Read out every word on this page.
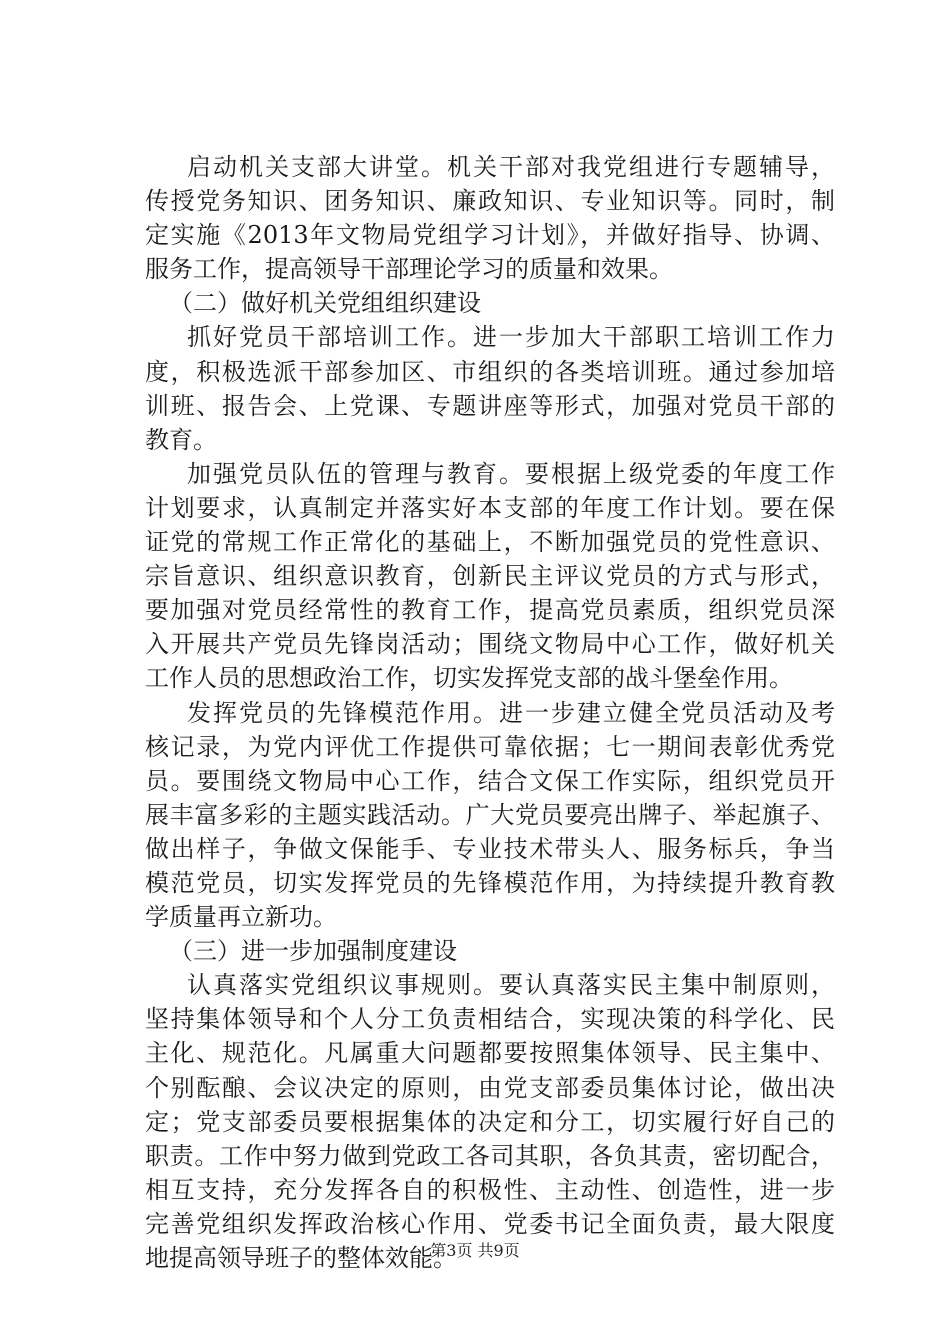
启动机关支部大讲堂。机关干部对我党组进行专题辅导，
传授党务知识、团务知识、廉政知识、专业知识等。同时，制
定实施《2013年文物局党组学习计划》，并做好指导、协调、
服务工作，提高领导干部理论学习的质量和效果。
（二）做好机关党组组织建设
抓好党员干部培训工作。进一步加大干部职工培训工作力
度，积极选派干部参加区、市组织的各类培训班。通过参加培
训班、报告会、上党课、专题讲座等形式，加强对党员干部的
教育。
加强党员队伍的管理与教育。要根据上级党委的年度工作
计划要求，认真制定并落实好本支部的年度工作计划。要在保
证党的常规工作正常化的基础上，不断加强党员的党性意识、
宗旨意识、组织意识教育，创新民主评议党员的方式与形式，
要加强对党员经常性的教育工作，提高党员素质，组织党员深
入开展共产党员先锋岗活动；围绕文物局中心工作，做好机关
工作人员的思想政治工作，切实发挥党支部的战斗堡垒作用。
发挥党员的先锋模范作用。进一步建立健全党员活动及考
核记录，为党内评优工作提供可靠依据；七一期间表彰优秀党
员。要围绕文物局中心工作，结合文保工作实际，组织党员开
展丰富多彩的主题实践活动。广大党员要亮出牌子、举起旗子、
做出样子，争做文保能手、专业技术带头人、服务标兵，争当
模范党员，切实发挥党员的先锋模范作用，为持续提升教育教
学质量再立新功。
（三）进一步加强制度建设
认真落实党组织议事规则。要认真落实民主集中制原则，
坚持集体领导和个人分工负责相结合，实现决策的科学化、民
主化、规范化。凡属重大问题都要按照集体领导、民主集中、
个别酝酿、会议决定的原则，由党支部委员集体讨论，做出决
定；党支部委员要根据集体的决定和分工，切实履行好自己的
职责。工作中努力做到党政工各司其职，各负其责，密切配合，
相互支持，充分发挥各自的积极性、主动性、创造性，进一步
完善党组织发挥政治核心作用、党委书记全面负责，最大限度
地提高领导班子的整体效能。
第3页 共9页
